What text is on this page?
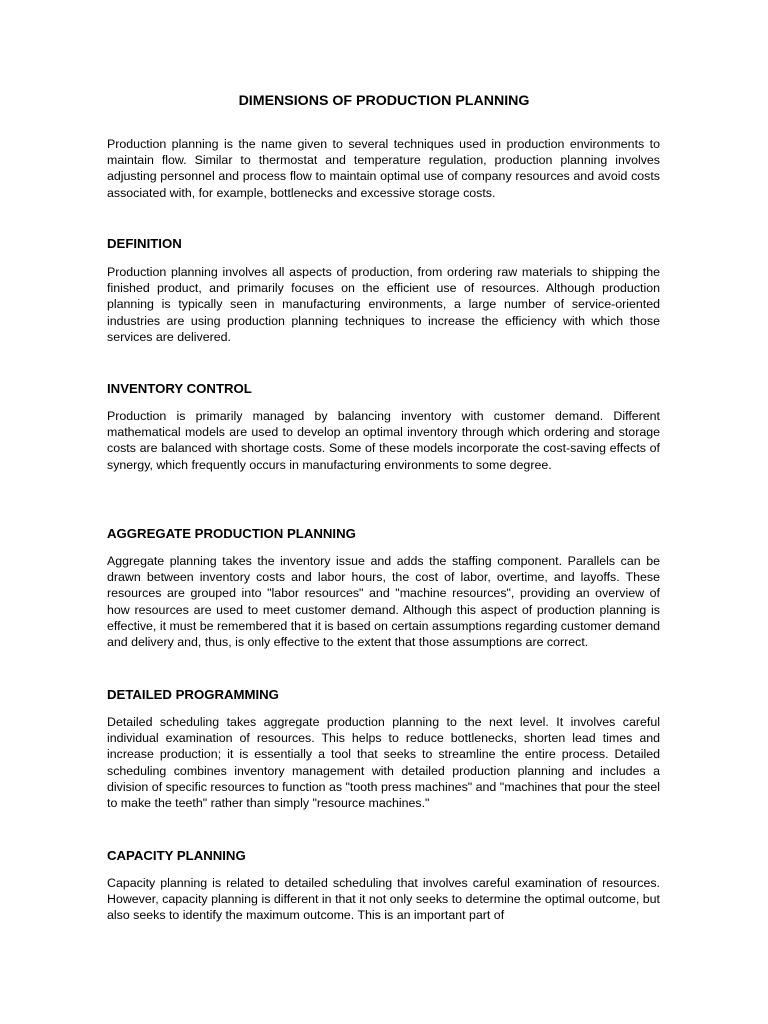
DIMENSIONS OF PRODUCTION PLANNING

Production planning is the name given to several techniques used in production environments to maintain flow. Similar to thermostat and temperature regulation, production planning involves adjusting personnel and process flow to maintain optimal use of company resources and avoid costs associated with, for example, bottlenecks and excessive storage costs.

DEFINITION

Production planning involves all aspects of production, from ordering raw materials to shipping the finished product, and primarily focuses on the efficient use of resources. Although production planning is typically seen in manufacturing environments, a large number of service-oriented industries are using production planning techniques to increase the efficiency with which those services are delivered.

INVENTORY CONTROL

Production is primarily managed by balancing inventory with customer demand. Different mathematical models are used to develop an optimal inventory through which ordering and storage costs are balanced with shortage costs. Some of these models incorporate the cost-saving effects of synergy, which frequently occurs in manufacturing environments to some degree.

AGGREGATE PRODUCTION PLANNING

Aggregate planning takes the inventory issue and adds the staffing component. Parallels can be drawn between inventory costs and labor hours, the cost of labor, overtime, and layoffs. These resources are grouped into "labor resources" and "machine resources", providing an overview of how resources are used to meet customer demand. Although this aspect of production planning is effective, it must be remembered that it is based on certain assumptions regarding customer demand and delivery and, thus, is only effective to the extent that those assumptions are correct.

DETAILED PROGRAMMING

Detailed scheduling takes aggregate production planning to the next level. It involves careful individual examination of resources. This helps to reduce bottlenecks, shorten lead times and increase production; it is essentially a tool that seeks to streamline the entire process. Detailed scheduling combines inventory management with detailed production planning and includes a division of specific resources to function as "tooth press machines" and "machines that pour the steel to make the teeth" rather than simply "resource machines."

CAPACITY PLANNING

Capacity planning is related to detailed scheduling that involves careful examination of resources. However, capacity planning is different in that it not only seeks to determine the optimal outcome, but also seeks to identify the maximum outcome. This is an important part of
